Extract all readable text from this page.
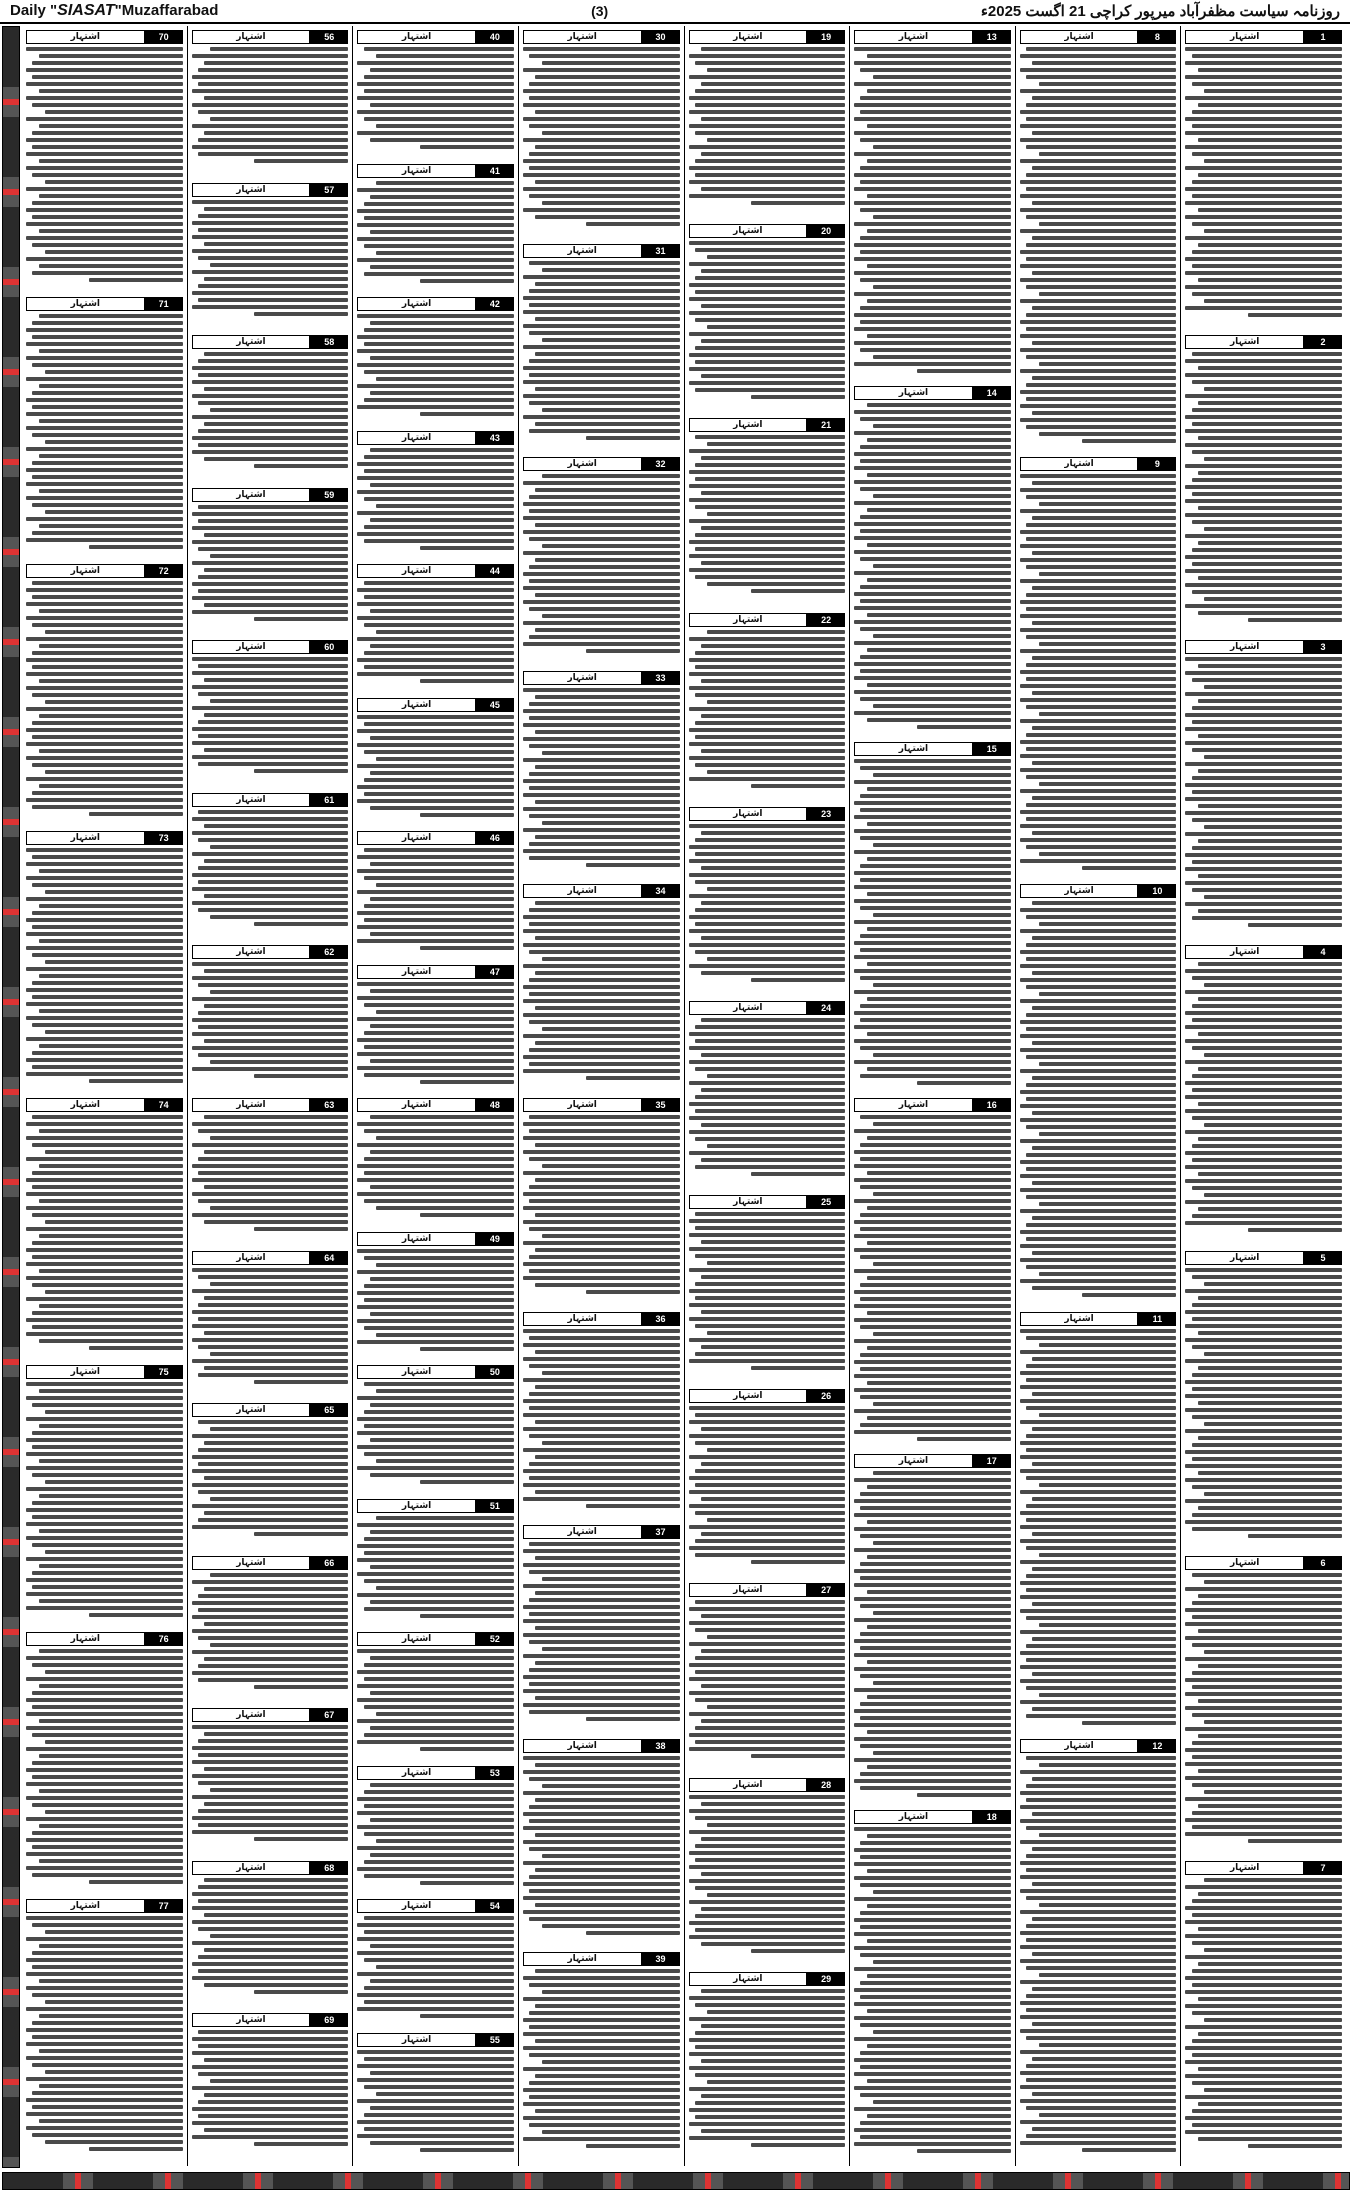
Daily "SIASAT"Muzaffarabad	(3)	روزنامہ سیاست مظفرآباد میرپور کراچی 21 اگست 2025ء
اشتہار	1
اشتہار	2
اشتہار	3
اشتہار	4
اشتہار	5
اشتہار	6
اشتہار	7
اشتہار	8
اشتہار	9
اشتہار	10
اشتہار	11
اشتہار	12
اشتہار	13
اشتہار	14
اشتہار	15
اشتہار	16
اشتہار	17
اشتہار	18
اشتہار	19
اشتہار	20
اشتہار	21
اشتہار	22
اشتہار	23
اشتہار	24
اشتہار	25
اشتہار	26
اشتہار	27
اشتہار	28
اشتہار	29
اشتہار	30
اشتہار	31
اشتہار	32
اشتہار	33
اشتہار	34
اشتہار	35
اشتہار	36
اشتہار	37
اشتہار	38
اشتہار	39
اشتہار	40
اشتہار	41
اشتہار	42
اشتہار	43
اشتہار	44
اشتہار	45
اشتہار	46
اشتہار	47
اشتہار	48
اشتہار	49
اشتہار	50
اشتہار	51
اشتہار	52
اشتہار	53
اشتہار	54
اشتہار	55
اشتہار	56
اشتہار	57
اشتہار	58
اشتہار	59
اشتہار	60
اشتہار	61
اشتہار	62
اشتہار	63
اشتہار	64
اشتہار	65
اشتہار	66
اشتہار	67
اشتہار	68
اشتہار	69
اشتہار	70
اشتہار	71
اشتہار	72
اشتہار	73
اشتہار	74
اشتہار	75
اشتہار	76
اشتہار	77
